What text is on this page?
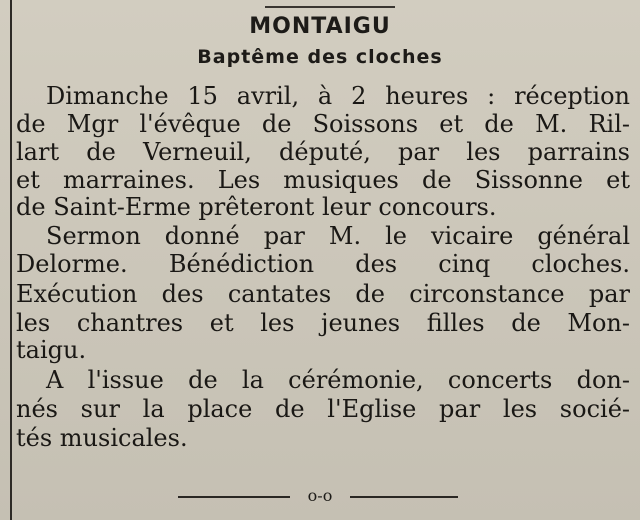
MONTAIGU
Baptême des cloches
Dimanche 15 avril, à 2 heures : réception
de Mgr l'évêque de Soissons et de M. Ril-
lart de Verneuil, député, par les parrains
et marraines. Les musiques de Sissonne et
de Saint-Erme prêteront leur concours.
Sermon donné par M. le vicaire général
Delorme. Bénédiction des cinq cloches.
Exécution des cantates de circonstance par
les chantres et les jeunes filles de Mon-
taigu.
A l'issue de la cérémonie, concerts don-
nés sur la place de l'Eglise par les socié-
tés musicales.
o-o
